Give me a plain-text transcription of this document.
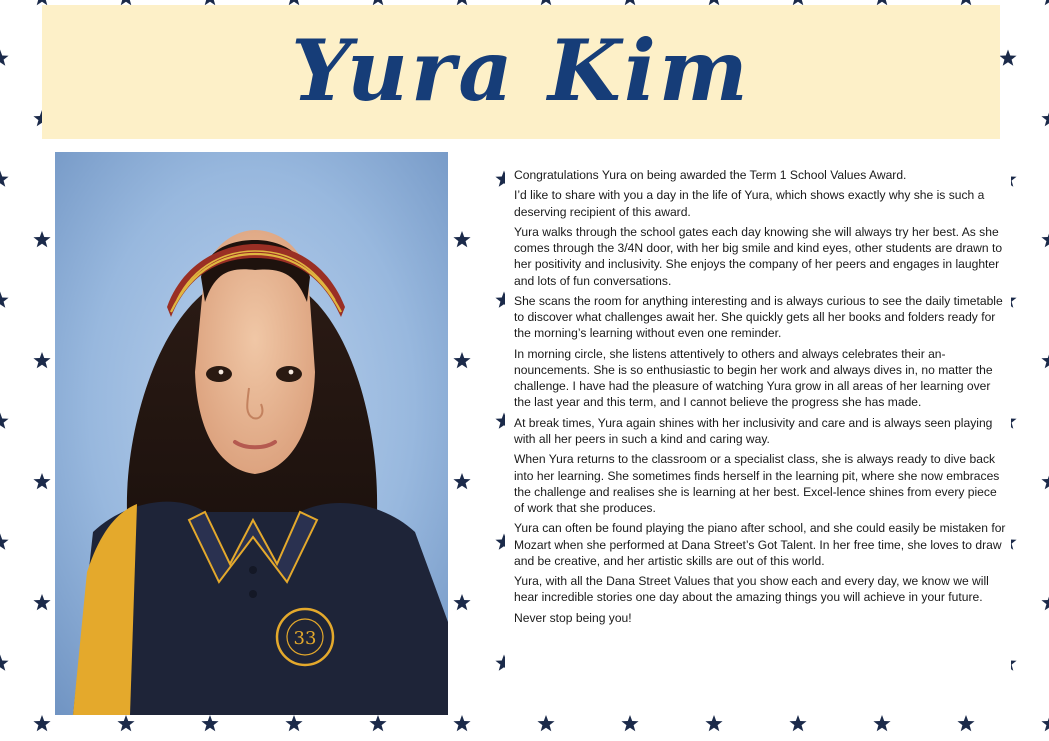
Yura Kim
33

Congratulations Yura on being awarded the Term 1 School Values Award.

I’d like to share with you a day in the life of Yura, which shows exactly why she is such a deserving recipient of this award.

Yura walks through the school gates each day knowing she will always try her best. As she comes through the 3/4N door, with her big smile and kind eyes, other students are drawn to her positivity and inclusivity. She enjoys the company of her peers and engages in laughter and lots of fun conversations.

She scans the room for anything interesting and is always curious to see the daily timetable to discover what challenges await her. She quickly gets all her books and folders ready for the morning’s learning without even one reminder.

In morning circle, she listens attentively to others and always celebrates their an-nouncements. She is so enthusiastic to begin her work and always dives in, no matter the challenge. I have had the pleasure of watching Yura grow in all areas of her learning over the last year and this term, and I cannot believe the progress she has made.

At break times, Yura again shines with her inclusivity and care and is always seen playing with all her peers in such a kind and caring way.

When Yura returns to the classroom or a specialist class, she is always ready to dive back into her learning. She sometimes finds herself in the learning pit, where she now embraces the challenge and realises she is learning at her best. Excel-lence shines from every piece of work that she produces.

Yura can often be found playing the piano after school, and she could easily be mistaken for Mozart when she performed at Dana Street’s Got Talent. In her free time, she loves to draw and be creative, and her artistic skills are out of this world.

Yura, with all the Dana Street Values that you show each and every day, we know we will hear incredible stories one day about the amazing things you will achieve in your future.

Never stop being you!
